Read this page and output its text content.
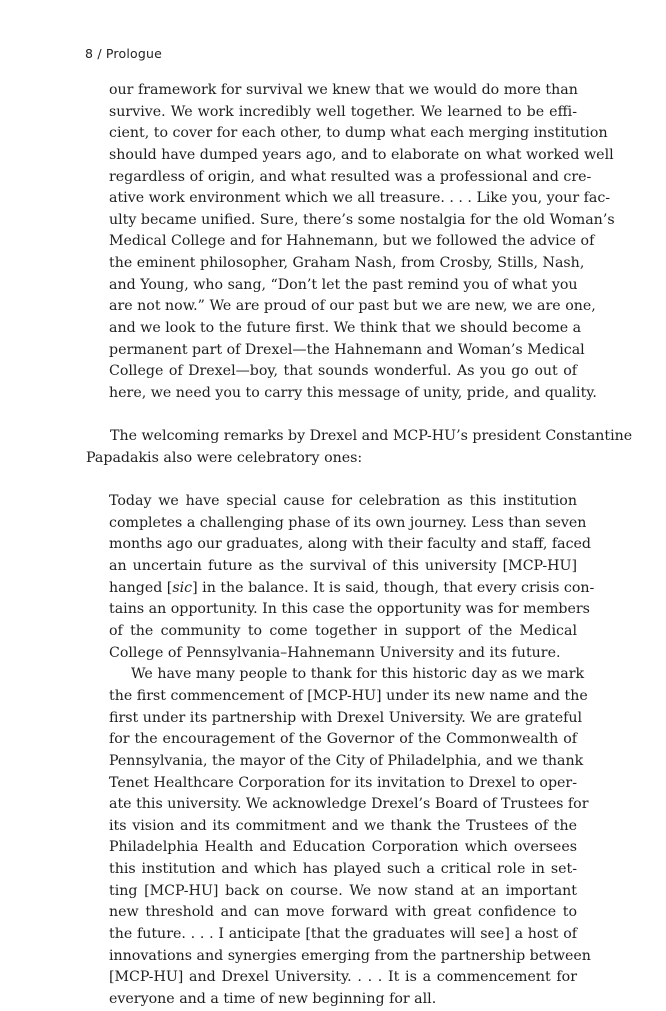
8 / Prologue
our framework for survival we knew that we would do more than
survive. We work incredibly well together. We learned to be effi-
cient, to cover for each other, to dump what each merging institution
should have dumped years ago, and to elaborate on what worked well
regardless of origin, and what resulted was a professional and cre-
ative work environment which we all treasure. . . . Like you, your fac-
ulty became unified. Sure, there’s some nostalgia for the old Woman’s
Medical College and for Hahnemann, but we followed the advice of
the eminent philosopher, Graham Nash, from Crosby, Stills, Nash,
and Young, who sang, “Don’t let the past remind you of what you
are not now.” We are proud of our past but we are new, we are one,
and we look to the future first. We think that we should become a
permanent part of Drexel—the Hahnemann and Woman’s Medical
College of Drexel—boy, that sounds wonderful. As you go out of
here, we need you to carry this message of unity, pride, and quality.
The welcoming remarks by Drexel and MCP-HU’s president Constantine
Papadakis also were celebratory ones:
Today we have special cause for celebration as this institution
completes a challenging phase of its own journey. Less than seven
months ago our graduates, along with their faculty and staff, faced
an uncertain future as the survival of this university [MCP-HU]
hanged [sic] in the balance. It is said, though, that every crisis con-
tains an opportunity. In this case the opportunity was for members
of the community to come together in support of the Medical
College of Pennsylvania–Hahnemann University and its future.
We have many people to thank for this historic day as we mark
the first commencement of [MCP-HU] under its new name and the
first under its partnership with Drexel University. We are grateful
for the encouragement of the Governor of the Commonwealth of
Pennsylvania, the mayor of the City of Philadelphia, and we thank
Tenet Healthcare Corporation for its invitation to Drexel to oper-
ate this university. We acknowledge Drexel’s Board of Trustees for
its vision and its commitment and we thank the Trustees of the
Philadelphia Health and Education Corporation which oversees
this institution and which has played such a critical role in set-
ting [MCP-HU] back on course. We now stand at an important
new threshold and can move forward with great confidence to
the future. . . . I anticipate [that the graduates will see] a host of
innovations and synergies emerging from the partnership between
[MCP-HU] and Drexel University. . . . It is a commencement for
everyone and a time of new beginning for all.
